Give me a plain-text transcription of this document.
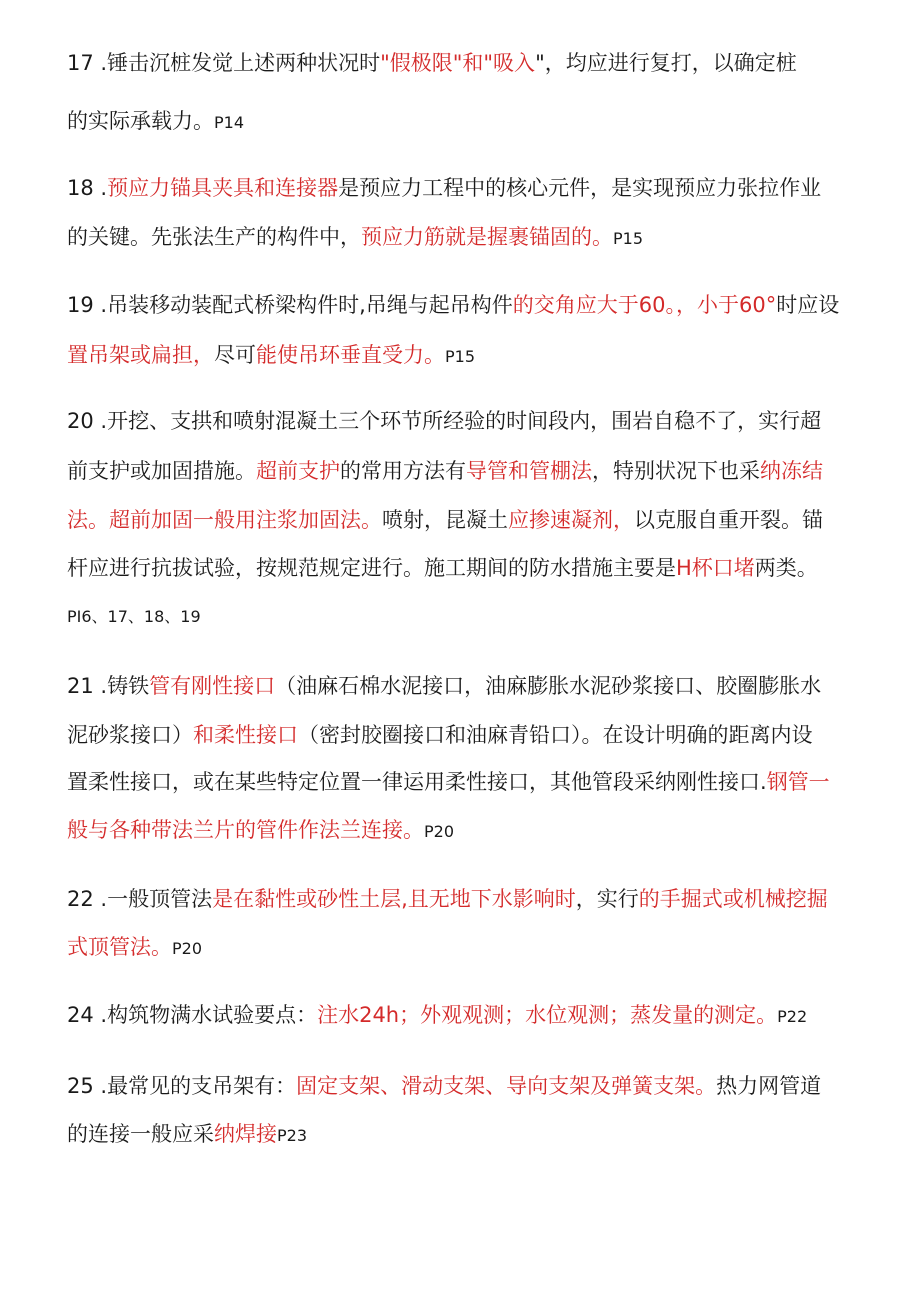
17 .锤击沉桩发觉上述两种状况时"假极限"和"吸入"，均应进行复打，以确定桩
的实际承载力。P14
18 .预应力锚具夹具和连接器是预应力工程中的核心元件，是实现预应力张拉作业
的关键。先张法生产的构件中，预应力筋就是握裹锚固的。P15
19 .吊装移动装配式桥梁构件时,吊绳与起吊构件的交角应大于60。，小于60°时应设
置吊架或扁担，尽可能使吊环垂直受力。P15
20 .开挖、支拱和喷射混凝土三个环节所经验的时间段内，围岩自稳不了，实行超
前支护或加固措施。超前支护的常用方法有导管和管棚法，特别状况下也采纳冻结
法。超前加固一般用注浆加固法。喷射，昆凝土应掺速凝剂，以克服自重开裂。锚
杆应进行抗拔试验，按规范规定进行。施工期间的防水措施主要是H杯口堵两类。
PI6、17、18、19
21 .铸铁管有刚性接口（油麻石棉水泥接口，油麻膨胀水泥砂浆接口、胶圈膨胀水
泥砂浆接口）和柔性接口（密封胶圈接口和油麻青铅口）。在设计明确的距离内设
置柔性接口，或在某些特定位置一律运用柔性接口，其他管段采纳刚性接口.钢管一
般与各种带法兰片的管件作法兰连接。P20
22 .一般顶管法是在黏性或砂性土层,且无地下水影响时，实行的手掘式或机械挖掘
式顶管法。P20
24 .构筑物满水试验要点：注水24h；外观观测；水位观测；蒸发量的测定。P22
25 .最常见的支吊架有：固定支架、滑动支架、导向支架及弹簧支架。热力网管道
的连接一般应采纳焊接P23
